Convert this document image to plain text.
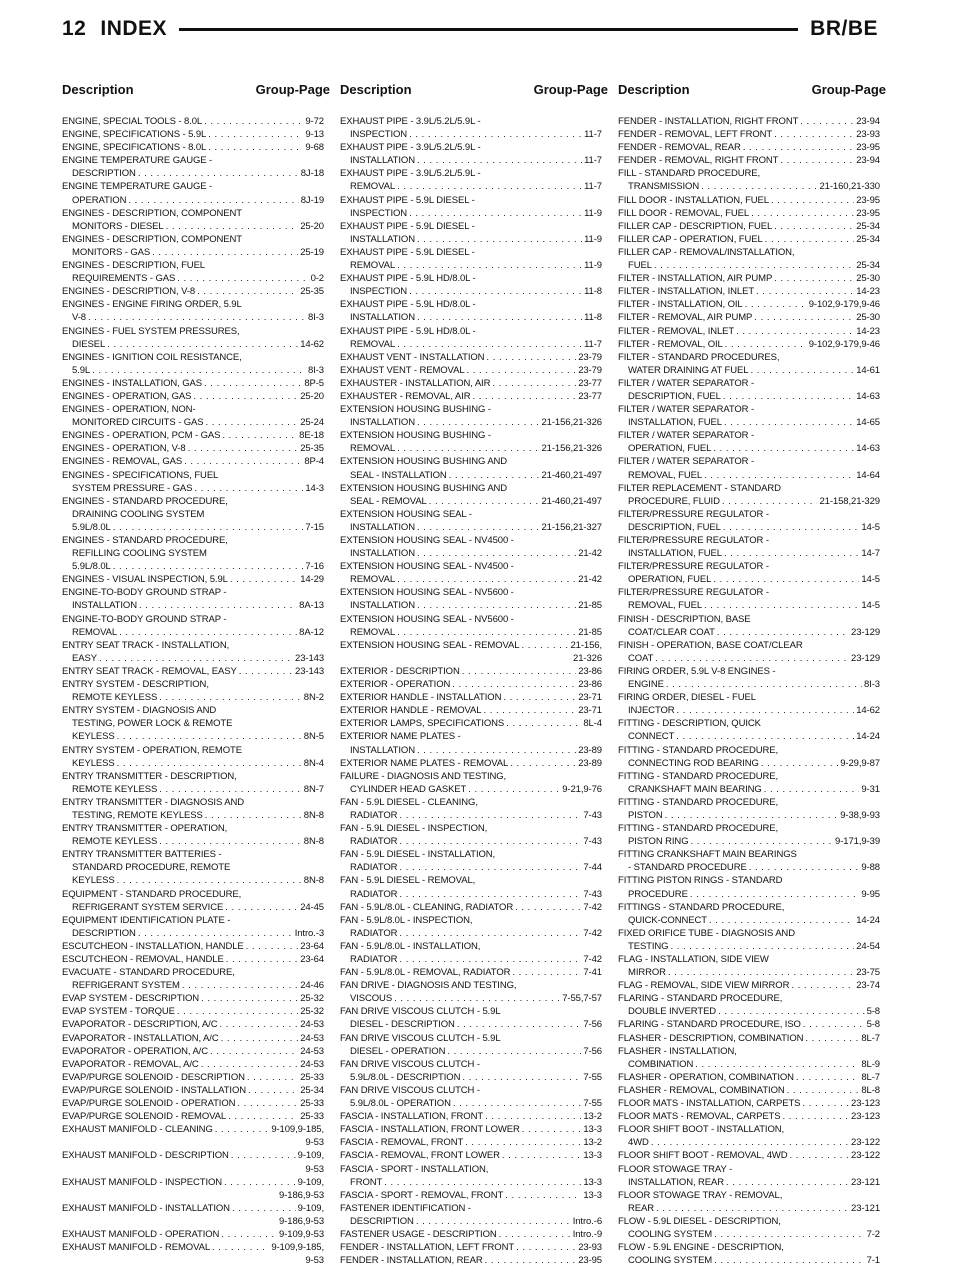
12 INDEX	BR/BE
Description	Group-Page Description	Group-Page Description	Group-Page
ENGINE, SPECIAL TOOLS - 8.0L . . .	9-72
ENGINE, SPECIFICATIONS - 5.9L . . .	9-13
ENGINE, SPECIFICATIONS - 8.0L . . .	9-68
ENGINE TEMPERATURE GAUGE -
DESCRIPTION . . .	8J-18
ENGINE TEMPERATURE GAUGE -
OPERATION . . .	8J-19
ENGINES - DESCRIPTION, COMPONENT
MONITORS - DIESEL . . .	25-20
ENGINES - DESCRIPTION, COMPONENT
MONITORS - GAS . . .	25-19
ENGINES - DESCRIPTION, FUEL
REQUIREMENTS - GAS . . .	0-2
ENGINES - DESCRIPTION, V-8 . . .	25-35
ENGINES - ENGINE FIRING ORDER, 5.9L
V-8 . . .	8I-3
ENGINES - FUEL SYSTEM PRESSURES,
DIESEL . . .	14-62
ENGINES - IGNITION COIL RESISTANCE,
5.9L . . .	8I-3
ENGINES - INSTALLATION, GAS . . .	8P-5
ENGINES - OPERATION, GAS . . .	25-20
ENGINES - OPERATION, NON-
MONITORED CIRCUITS - GAS . . .	25-24
ENGINES - OPERATION, PCM - GAS . . .	8E-18
ENGINES - OPERATION, V-8 . . .	25-35
ENGINES - REMOVAL, GAS . . .	8P-4
ENGINES - SPECIFICATIONS, FUEL
SYSTEM PRESSURE - GAS . . .	14-3
ENGINES - STANDARD PROCEDURE,
DRAINING COOLING SYSTEM
5.9L/8.0L . . .	7-15
ENGINES - STANDARD PROCEDURE,
REFILLING COOLING SYSTEM
5.9L/8.0L . . .	7-16
ENGINES - VISUAL INSPECTION, 5.9L . . .	14-29
ENGINE-TO-BODY GROUND STRAP -
INSTALLATION . . .	8A-13
ENGINE-TO-BODY GROUND STRAP -
REMOVAL . . .	8A-12
ENTRY SEAT TRACK - INSTALLATION,
EASY . . .	23-143
ENTRY SEAT TRACK - REMOVAL, EASY . . .	23-143
ENTRY SYSTEM - DESCRIPTION,
REMOTE KEYLESS . . .	8N-2
ENTRY SYSTEM - DIAGNOSIS AND
TESTING, POWER LOCK & REMOTE
KEYLESS . . .	8N-5
ENTRY SYSTEM - OPERATION, REMOTE
KEYLESS . . .	8N-4
ENTRY TRANSMITTER - DESCRIPTION,
REMOTE KEYLESS . . .	8N-7
ENTRY TRANSMITTER - DIAGNOSIS AND
TESTING, REMOTE KEYLESS . . .	8N-8
ENTRY TRANSMITTER - OPERATION,
REMOTE KEYLESS . . .	8N-8
ENTRY TRANSMITTER BATTERIES -
STANDARD PROCEDURE, REMOTE
KEYLESS . . .	8N-8
EQUIPMENT - STANDARD PROCEDURE,
REFRIGERANT SYSTEM SERVICE . . .	24-45
EQUIPMENT IDENTIFICATION PLATE -
DESCRIPTION . . .	Intro.-3
ESCUTCHEON - INSTALLATION, HANDLE . . .	23-64
ESCUTCHEON - REMOVAL, HANDLE . . .	23-64
EVACUATE - STANDARD PROCEDURE,
REFRIGERANT SYSTEM . . .	24-46
EVAP SYSTEM - DESCRIPTION . . .	25-32
EVAP SYSTEM - TORQUE . . .	25-32
EVAPORATOR - DESCRIPTION, A/C . . .	24-53
EVAPORATOR - INSTALLATION, A/C . . .	24-53
EVAPORATOR - OPERATION, A/C . . .	24-53
EVAPORATOR - REMOVAL, A/C . . .	24-53
EVAP/PURGE SOLENOID - DESCRIPTION . . .	25-33
EVAP/PURGE SOLENOID - INSTALLATION . . .	25-34
EVAP/PURGE SOLENOID - OPERATION . . .	25-33
EVAP/PURGE SOLENOID - REMOVAL . . .	25-33
EXHAUST MANIFOLD - CLEANING . . .	9-109,9-185,
9-53
EXHAUST MANIFOLD - DESCRIPTION . . .	9-109,
9-53
EXHAUST MANIFOLD - INSPECTION . . .	9-109,
9-186,9-53
EXHAUST MANIFOLD - INSTALLATION . . .	9-109,
9-186,9-53
EXHAUST MANIFOLD - OPERATION . . .	9-109,9-53
EXHAUST MANIFOLD - REMOVAL . . .	9-109,9-185,
9-53
EXHAUST PIPE - 3.9L/5.2L/5.9L -
INSPECTION . . .	11-7
EXHAUST PIPE - 3.9L/5.2L/5.9L -
INSTALLATION . . .	11-7
EXHAUST PIPE - 3.9L/5.2L/5.9L -
REMOVAL . . .	11-7
EXHAUST PIPE - 5.9L DIESEL -
INSPECTION . . .	11-9
EXHAUST PIPE - 5.9L DIESEL -
INSTALLATION . . .	11-9
EXHAUST PIPE - 5.9L DIESEL -
REMOVAL . . .	11-9
EXHAUST PIPE - 5.9L HD/8.0L -
INSPECTION . . .	11-8
EXHAUST PIPE - 5.9L HD/8.0L -
INSTALLATION . . .	11-8
EXHAUST PIPE - 5.9L HD/8.0L -
REMOVAL . . .	11-7
EXHAUST VENT - INSTALLATION . . .	23-79
EXHAUST VENT - REMOVAL . . .	23-79
EXHAUSTER - INSTALLATION, AIR . . .	23-77
EXHAUSTER - REMOVAL, AIR . . .	23-77
EXTENSION HOUSING BUSHING -
INSTALLATION . . .	21-156,21-326
EXTENSION HOUSING BUSHING -
REMOVAL . . .	21-156,21-326
EXTENSION HOUSING BUSHING AND
SEAL - INSTALLATION . . .	21-460,21-497
EXTENSION HOUSING BUSHING AND
SEAL - REMOVAL . . .	21-460,21-497
EXTENSION HOUSING SEAL -
INSTALLATION . . .	21-156,21-327
EXTENSION HOUSING SEAL - NV4500 -
INSTALLATION . . .	21-42
EXTENSION HOUSING SEAL - NV4500 -
REMOVAL . . .	21-42
EXTENSION HOUSING SEAL - NV5600 -
INSTALLATION . . .	21-85
EXTENSION HOUSING SEAL - NV5600 -
REMOVAL . . .	21-85
EXTENSION HOUSING SEAL - REMOVAL . . .	21-156,
21-326
EXTERIOR - DESCRIPTION . . .	23-86
EXTERIOR - OPERATION . . .	23-86
EXTERIOR HANDLE - INSTALLATION . . .	23-71
EXTERIOR HANDLE - REMOVAL . . .	23-71
EXTERIOR LAMPS, SPECIFICATIONS . . .	8L-4
EXTERIOR NAME PLATES -
INSTALLATION . . .	23-89
EXTERIOR NAME PLATES - REMOVAL . . .	23-89
FAILURE - DIAGNOSIS AND TESTING,
CYLINDER HEAD GASKET . . .	9-21,9-76
FAN - 5.9L DIESEL - CLEANING,
RADIATOR . . .	7-43
FAN - 5.9L DIESEL - INSPECTION,
RADIATOR . . .	7-43
FAN - 5.9L DIESEL - INSTALLATION,
RADIATOR . . .	7-44
FAN - 5.9L DIESEL - REMOVAL,
RADIATOR . . .	7-43
FAN - 5.9L/8.0L - CLEANING, RADIATOR . . .	7-42
FAN - 5.9L/8.0L - INSPECTION,
RADIATOR . . .	7-42
FAN - 5.9L/8.0L - INSTALLATION,
RADIATOR . . .	7-42
FAN - 5.9L/8.0L - REMOVAL, RADIATOR . . .	7-41
FAN DRIVE - DIAGNOSIS AND TESTING,
VISCOUS . . .	7-55,7-57
FAN DRIVE VISCOUS CLUTCH - 5.9L
DIESEL - DESCRIPTION . . .	7-56
FAN DRIVE VISCOUS CLUTCH - 5.9L
DIESEL - OPERATION . . .	7-56
FAN DRIVE VISCOUS CLUTCH -
5.9L/8.0L - DESCRIPTION . . .	7-55
FAN DRIVE VISCOUS CLUTCH -
5.9L/8.0L - OPERATION . . .	7-55
FASCIA - INSTALLATION, FRONT . . .	13-2
FASCIA - INSTALLATION, FRONT LOWER . . .	13-3
FASCIA - REMOVAL, FRONT . . .	13-2
FASCIA - REMOVAL, FRONT LOWER . . .	13-3
FASCIA - SPORT - INSTALLATION,
FRONT . . .	13-3
FASCIA - SPORT - REMOVAL, FRONT . . .	13-3
FASTENER IDENTIFICATION -
DESCRIPTION . . .	Intro.-6
FASTENER USAGE - DESCRIPTION . . .	Intro.-9
FENDER - INSTALLATION, LEFT FRONT . . .	23-93
FENDER - INSTALLATION, REAR . . .	23-95
FENDER - INSTALLATION, RIGHT FRONT . . .	23-94
FENDER - REMOVAL, LEFT FRONT . . .	23-93
FENDER - REMOVAL, REAR . . .	23-95
FENDER - REMOVAL, RIGHT FRONT . . .	23-94
FILL - STANDARD PROCEDURE,
TRANSMISSION . . .	21-160,21-330
FILL DOOR - INSTALLATION, FUEL . . .	23-95
FILL DOOR - REMOVAL, FUEL . . .	23-95
FILLER CAP - DESCRIPTION, FUEL . . .	25-34
FILLER CAP - OPERATION, FUEL . . .	25-34
FILLER CAP - REMOVAL/INSTALLATION,
FUEL . . .	25-34
FILTER - INSTALLATION, AIR PUMP . . .	25-30
FILTER - INSTALLATION, INLET . . .	14-23
FILTER - INSTALLATION, OIL . . .	9-102,9-179,9-46
FILTER - REMOVAL, AIR PUMP . . .	25-30
FILTER - REMOVAL, INLET . . .	14-23
FILTER - REMOVAL, OIL . . .	9-102,9-179,9-46
FILTER - STANDARD PROCEDURES,
WATER DRAINING AT FUEL . . .	14-61
FILTER / WATER SEPARATOR -
DESCRIPTION, FUEL . . .	14-63
FILTER / WATER SEPARATOR -
INSTALLATION, FUEL . . .	14-65
FILTER / WATER SEPARATOR -
OPERATION, FUEL . . .	14-63
FILTER / WATER SEPARATOR -
REMOVAL, FUEL . . .	14-64
FILTER REPLACEMENT - STANDARD
PROCEDURE, FLUID . . .	21-158,21-329
FILTER/PRESSURE REGULATOR -
DESCRIPTION, FUEL . . .	14-5
FILTER/PRESSURE REGULATOR -
INSTALLATION, FUEL . . .	14-7
FILTER/PRESSURE REGULATOR -
OPERATION, FUEL . . .	14-5
FILTER/PRESSURE REGULATOR -
REMOVAL, FUEL . . .	14-5
FINISH - DESCRIPTION, BASE
COAT/CLEAR COAT . . .	23-129
FINISH - OPERATION, BASE COAT/CLEAR
COAT . . .	23-129
FIRING ORDER, 5.9L V-8 ENGINES -
ENGINE . . .	8I-3
FIRING ORDER, DIESEL - FUEL
INJECTOR . . .	14-62
FITTING - DESCRIPTION, QUICK
CONNECT . . .	14-24
FITTING - STANDARD PROCEDURE,
CONNECTING ROD BEARING . . .	9-29,9-87
FITTING - STANDARD PROCEDURE,
CRANKSHAFT MAIN BEARING . . .	9-31
FITTING - STANDARD PROCEDURE,
PISTON . . .	9-38,9-93
FITTING - STANDARD PROCEDURE,
PISTON RING . . .	9-171,9-39
FITTING CRANKSHAFT MAIN BEARINGS
- STANDARD PROCEDURE . . .	9-88
FITTING PISTON RINGS - STANDARD
PROCEDURE . . .	9-95
FITTINGS - STANDARD PROCEDURE,
QUICK-CONNECT . . .	14-24
FIXED ORIFICE TUBE - DIAGNOSIS AND
TESTING . . .	24-54
FLAG - INSTALLATION, SIDE VIEW
MIRROR . . .	23-75
FLAG - REMOVAL, SIDE VIEW MIRROR . . .	23-74
FLARING - STANDARD PROCEDURE,
DOUBLE INVERTED . . .	5-8
FLARING - STANDARD PROCEDURE, ISO . . .	5-8
FLASHER - DESCRIPTION, COMBINATION . . .	8L-7
FLASHER - INSTALLATION,
COMBINATION . . .	8L-9
FLASHER - OPERATION, COMBINATION . . .	8L-7
FLASHER - REMOVAL, COMBINATION . . .	8L-8
FLOOR MATS - INSTALLATION, CARPETS . . .	23-123
FLOOR MATS - REMOVAL, CARPETS . . .	23-123
FLOOR SHIFT BOOT - INSTALLATION,
4WD . . .	23-122
FLOOR SHIFT BOOT - REMOVAL, 4WD . . .	23-122
FLOOR STOWAGE TRAY -
INSTALLATION, REAR . . .	23-121
FLOOR STOWAGE TRAY - REMOVAL,
REAR . . .	23-121
FLOW - 5.9L DIESEL - DESCRIPTION,
COOLING SYSTEM . . .	7-2
FLOW - 5.9L ENGINE - DESCRIPTION,
COOLING SYSTEM . . .	7-1
